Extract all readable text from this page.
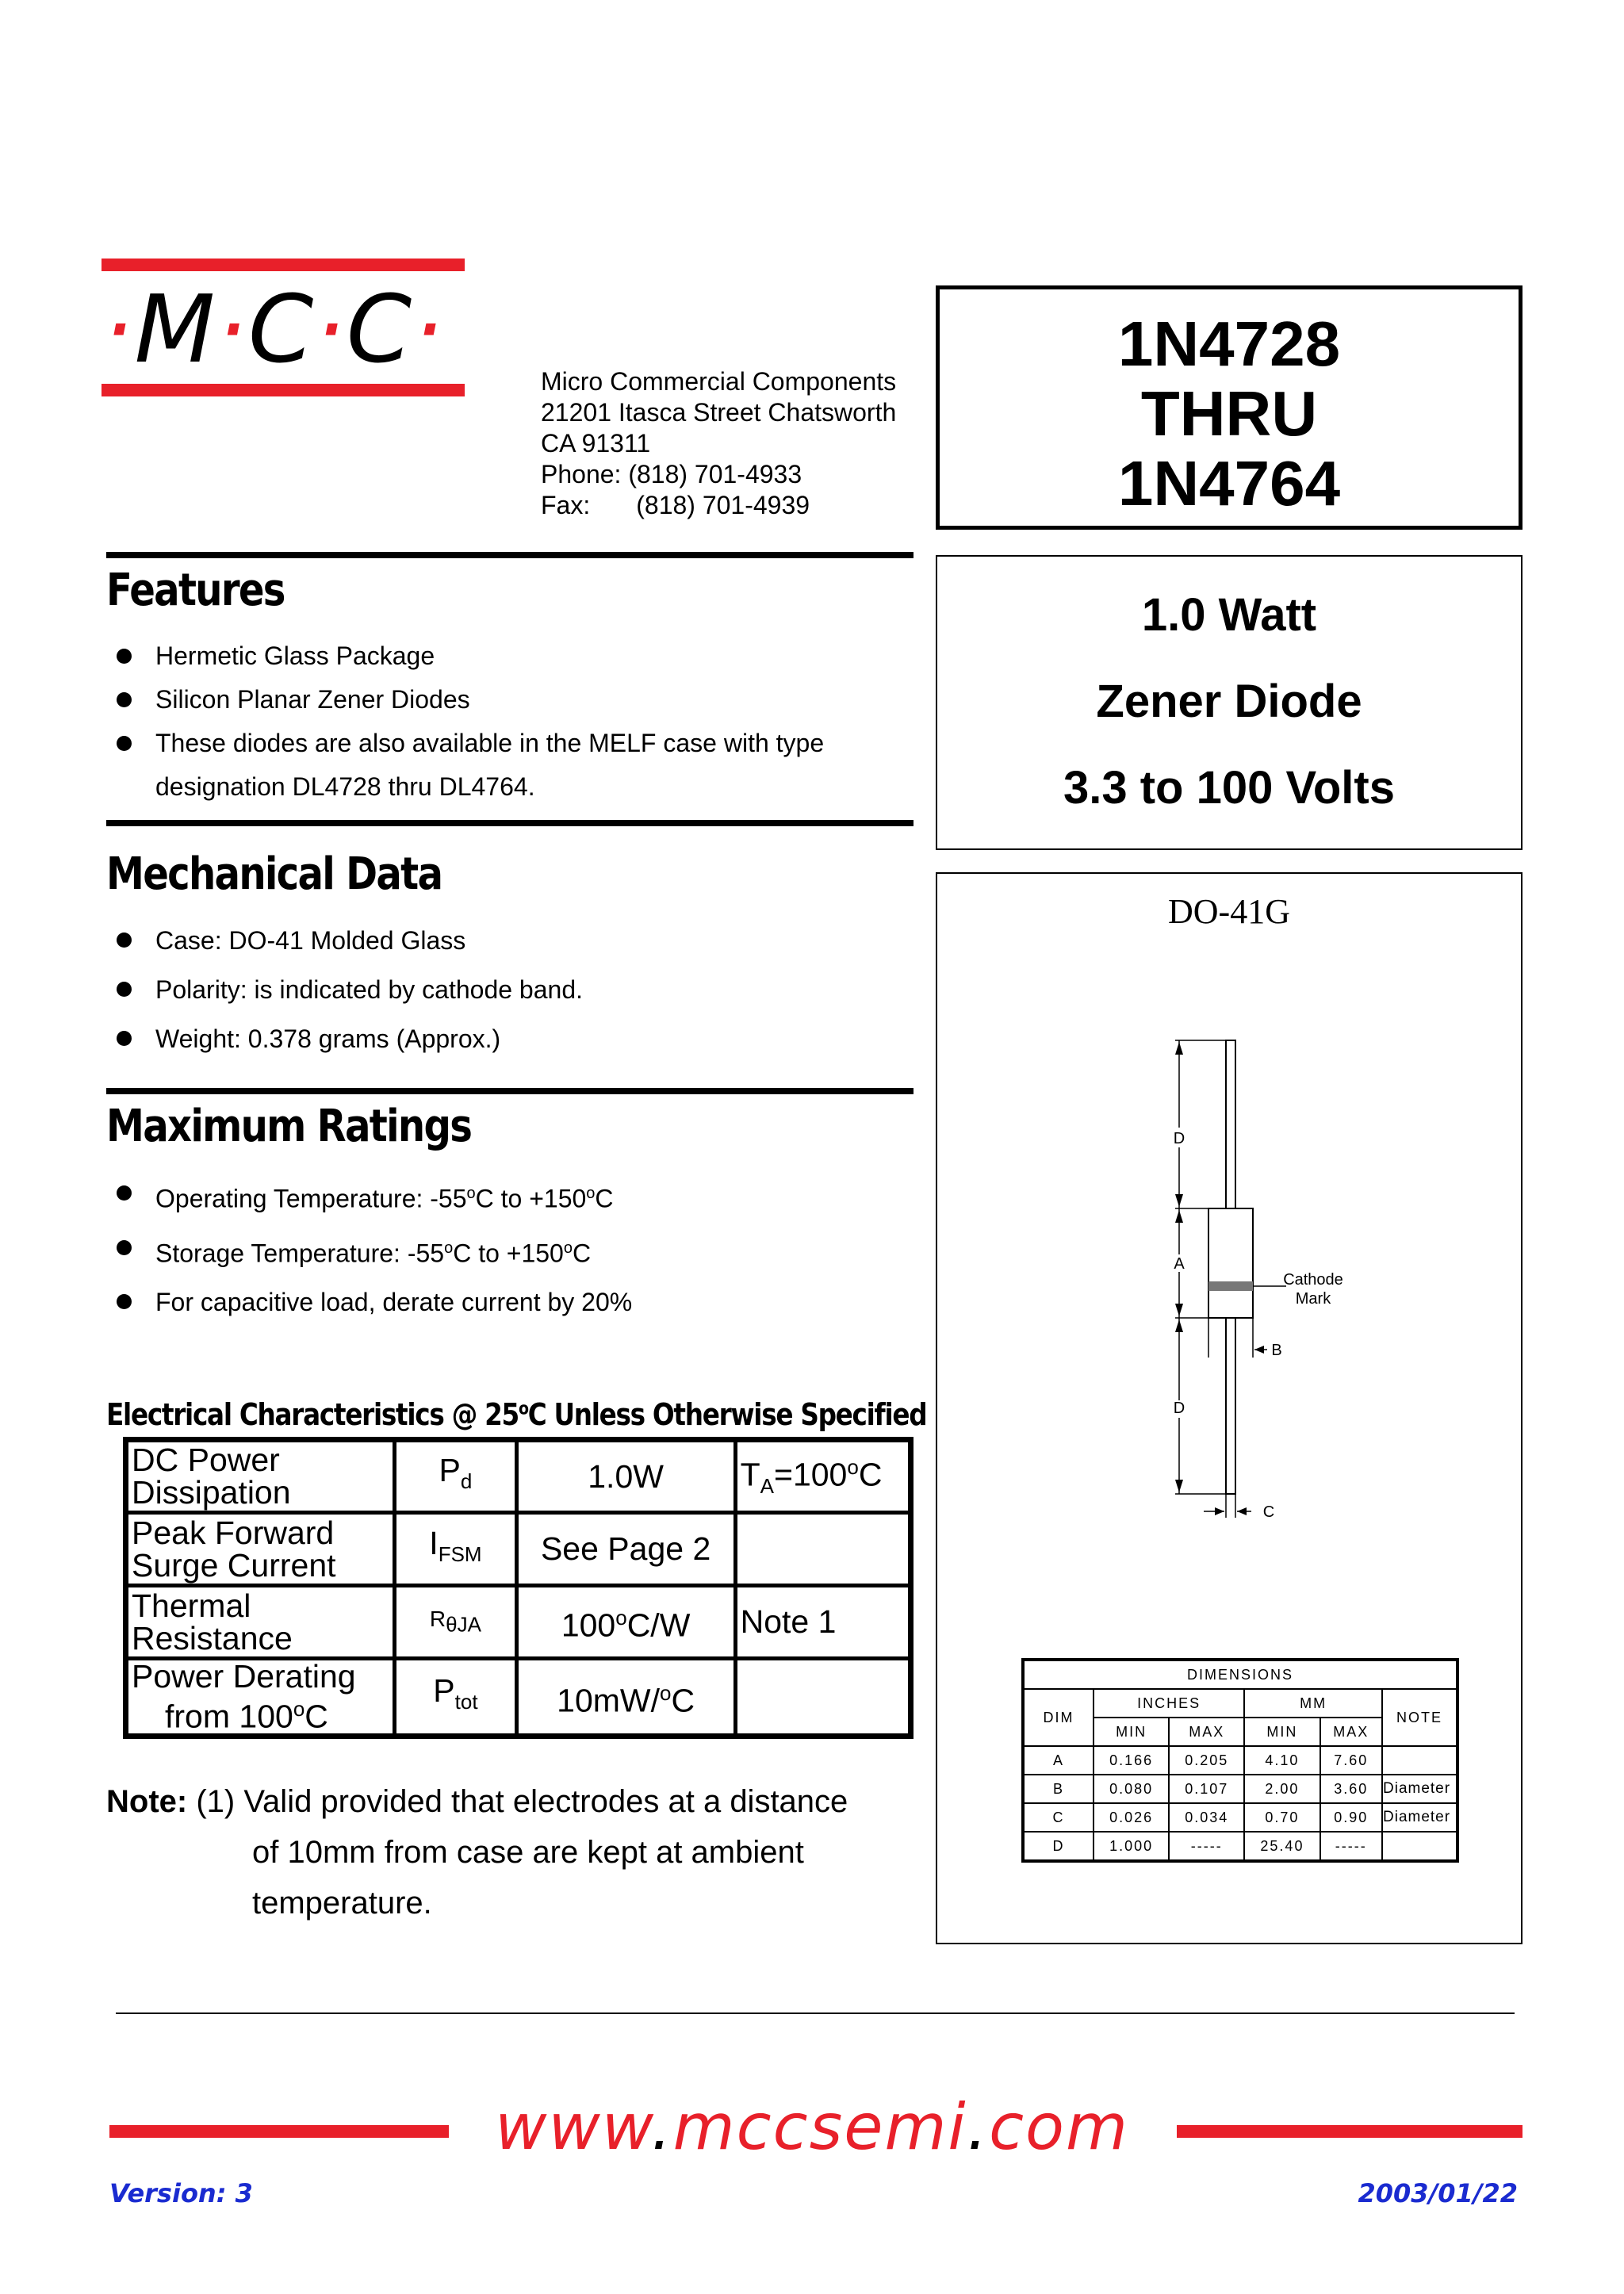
·M·C·C·	Micro Commercial Components
21201 Itasca Street Chatsworth
CA 91311
Phone: (818) 701-4933
Fax: (818) 701-4939
1N4728
THRU
1N4764
1.0 Watt
Zener Diode
3.3 to 100 Volts
DO-41G
D
A
Cathode
Mark
B
D
C
DIMENSIONS					
DIM	INCHES		MM		NOTE
	MIN	MAX	MIN	MAX	
A	0.166	0.205	4.10	7.60	
B	0.080	0.107	2.00	3.60	Diameter
C	0.026	0.034	0.70	0.90	Diameter
D	1.000	-----	25.40	-----	
Features
Hermetic Glass Package
Silicon Planar Zener Diodes
These diodes are also available in the MELF case with type
designation DL4728 thru DL4764.
Mechanical Data
Case: DO-41 Molded Glass
Polarity: is indicated by cathode band.
Weight: 0.378 grams (Approx.)
Maximum Ratings
Operating Temperature: -55$^o$C to $+150^oC$
Storage Temperature: -55$^o$C to $+150^oC$
For capacitive load, derate current by 20%
Electrical Characteristics @ 25$^o$C Unless Otherwise Specified
DC Power
Dissipation	$P_d$	1.0W	$T_A=100^oC$

Peak Forward
Surge Current	$I_{FSM}$	See Page 2	

Thermal
Resistance	$R_{\theta JA}$	100$^o$C/W	Note 1

Power Derating
from 100$^o$C	$P_{tot}$	10mW/$^o$C	
Note: (1) Valid provided that electrodes at a distance
of 10mm from case are kept at ambient
temperature.
www.mccsemi.com
Version: 3	2003/01/22
